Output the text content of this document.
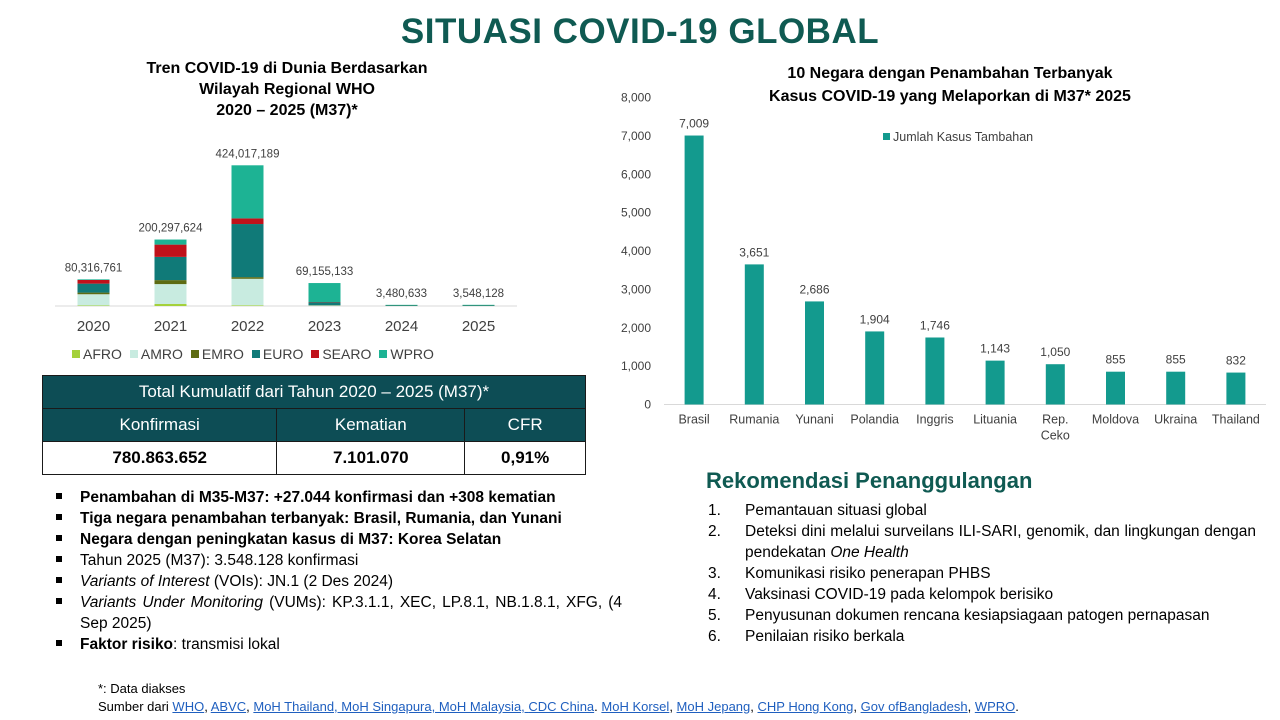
SITUASI COVID-19 GLOBAL
Tren COVID-19 di Dunia Berdasarkan
Wilayah Regional WHO
2020 – 2025 (M37)*
80,316,761
2020
200,297,624
2021
424,017,189
2022
69,155,133
2023
3,480,633
2024
3,548,128
2025
AFRO AMRO EMRO EURO SEARO WPRO
10 Negara dengan Penambahan Terbanyak
Kasus COVID-19 yang Melaporkan di M37* 2025
0
1,000
2,000
3,000
4,000
5,000
6,000
7,000
8,000
7,009
Brasil
3,651
Rumania
2,686
Yunani
1,904
Polandia
1,746
Inggris
1,143
Lituania
1,050
Rep.
Ceko
855
Moldova
855
Ukraina
832
Thailand
Jumlah Kasus Tambahan
Total Kumulatif dari Tahun 2020 – 2025 (M37)*		
Konfirmasi	Kematian	CFR
780.863.652	7.101.070	0,91%
Penambahan di M35-M37: +27.044 konfirmasi dan +308 kematian
Tiga negara penambahan terbanyak: Brasil, Rumania, dan Yunani
Negara dengan peningkatan kasus di M37: Korea Selatan
Tahun 2025 (M37): 3.548.128 konfirmasi
Variants of Interest (VOIs): JN.1 (2 Des 2024)
Variants Under Monitoring (VUMs): KP.3.1.1, XEC, LP.8.1, NB.1.8.1, XFG, (4 Sep 2025)
Faktor risiko: transmisi lokal
Rekomendasi Penanggulangan
1. Pemantauan situasi global
2. Deteksi dini melalui surveilans ILI-SARI, genomik, dan lingkungan dengan pendekatan One Health
3. Komunikasi risiko penerapan PHBS
4. Vaksinasi COVID-19 pada kelompok berisiko
5. Penyusunan dokumen rencana kesiapsiagaan patogen pernapasan
6. Penilaian risiko berkala
*: Data diakses
Sumber dari WHO, ABVC, MoH Thailand, MoH Singapura, MoH Malaysia, CDC China. MoH Korsel, MoH Jepang, CHP Hong Kong, Gov ofBangladesh, WPRO.
